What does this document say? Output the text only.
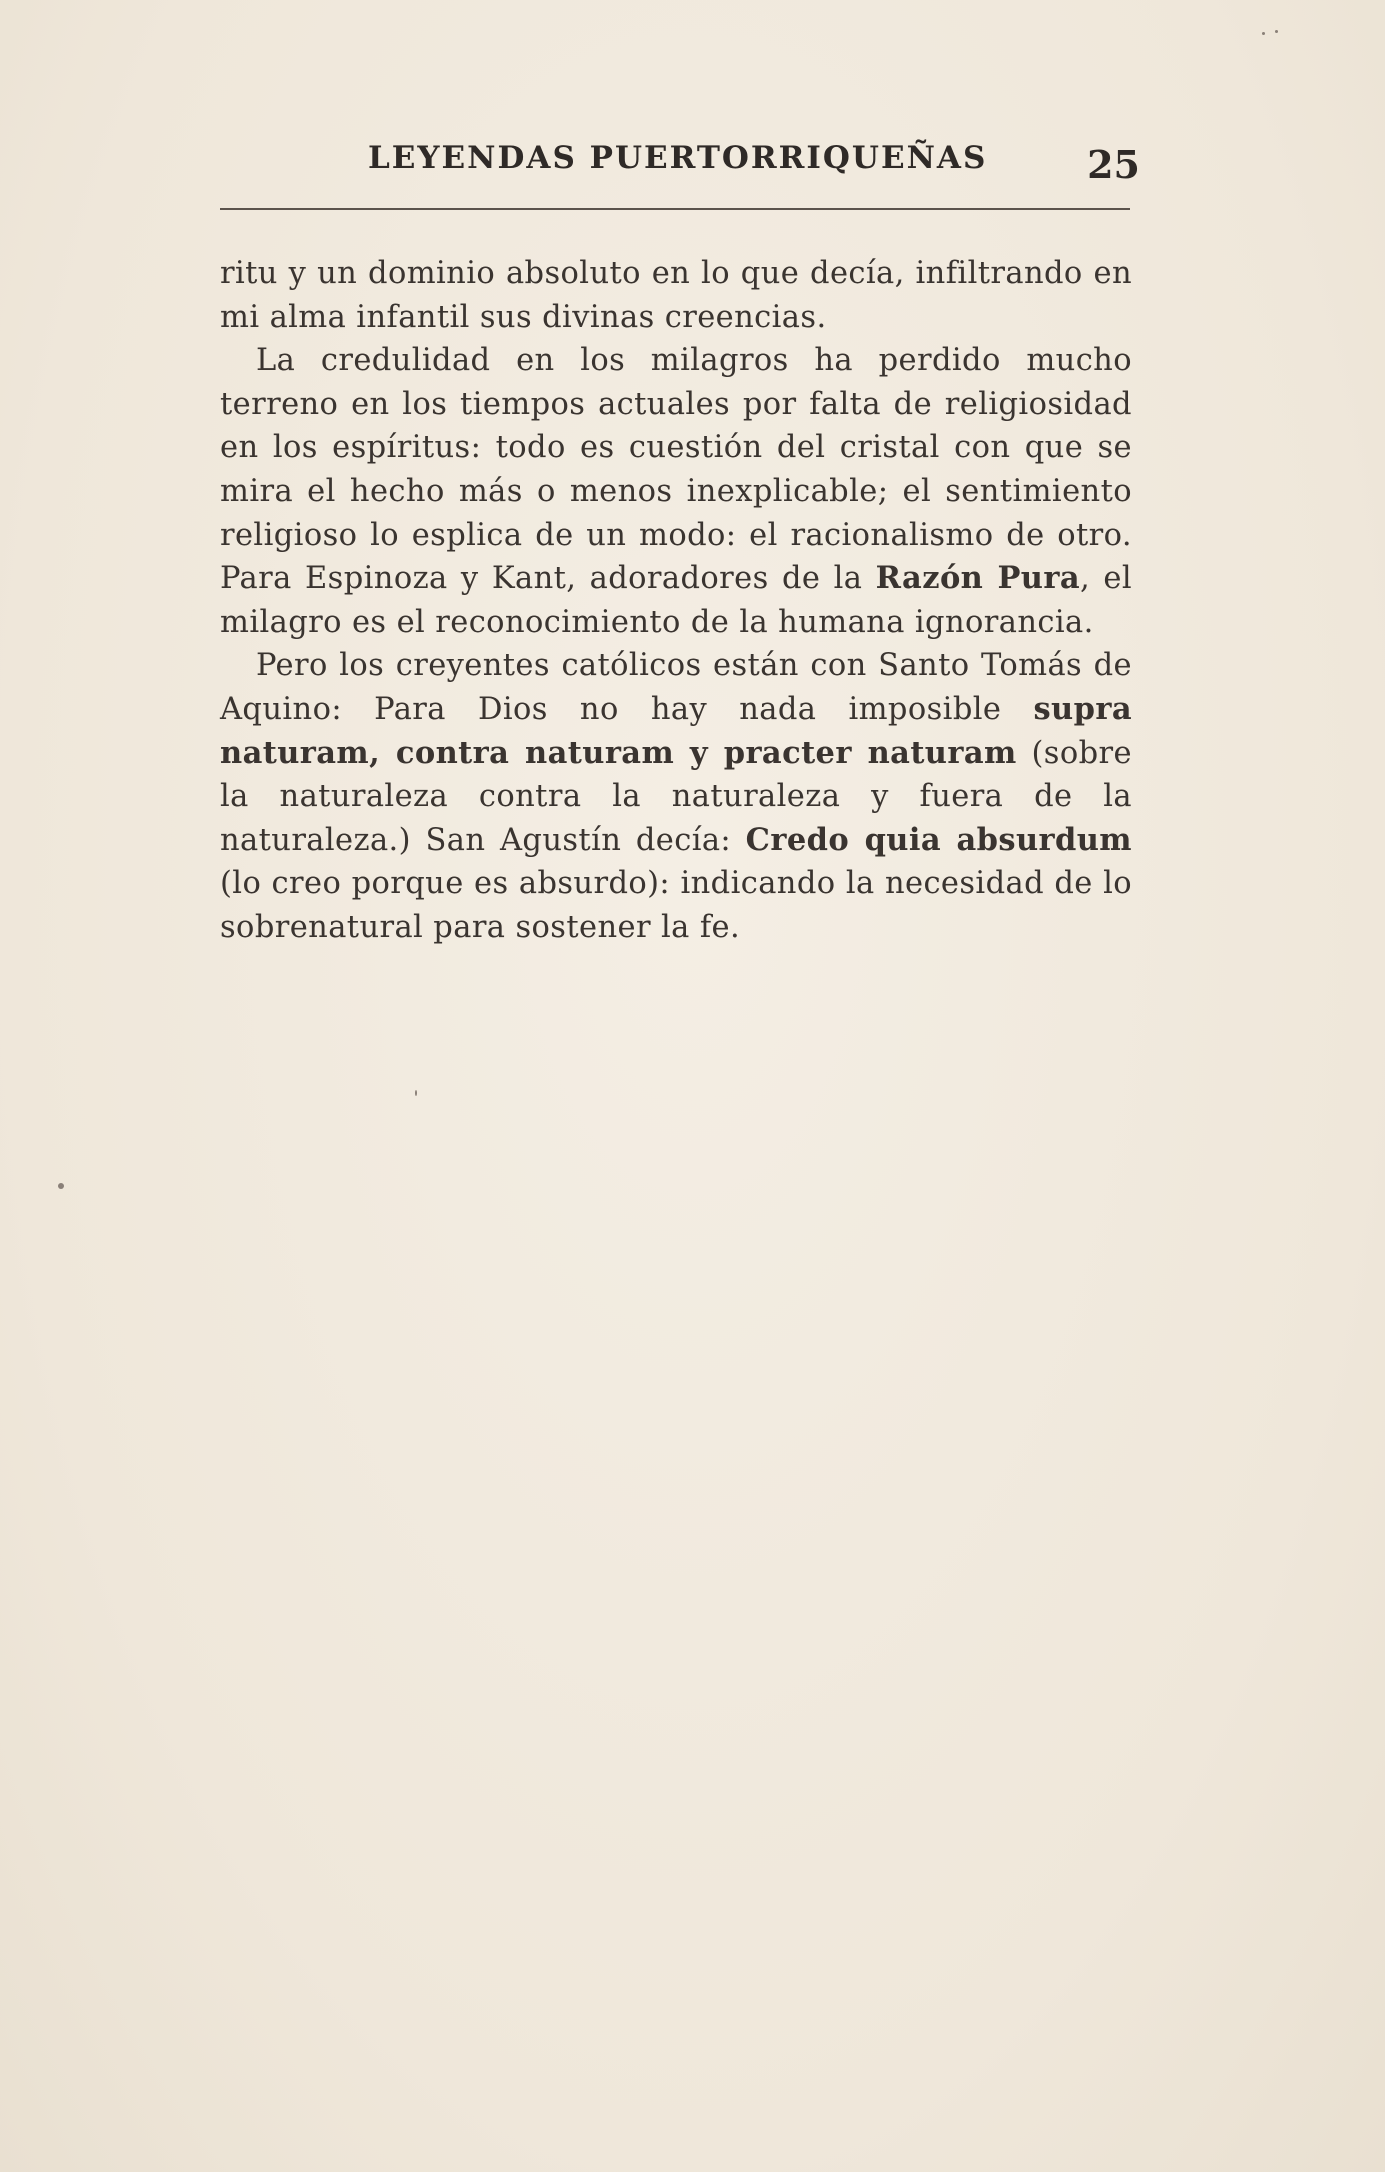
LEYENDAS PUERTORRIQUEÑAS	25

ritu y un dominio absoluto en lo que decía, infiltrando en mi alma infantil sus divinas creencias.

La credulidad en los milagros ha perdido mucho terreno en los tiempos actuales por falta de religiosidad en los espíritus: todo es cuestión del cristal con que se mira el hecho más o menos inexplicable; el sentimiento religioso lo esplica de un modo: el racionalismo de otro. Para Espinoza y Kant, adoradores de la Razón Pura, el milagro es el reconocimiento de la humana ignorancia.

Pero los creyentes católicos están con Santo Tomás de Aquino: Para Dios no hay nada imposible supra naturam, contra naturam y practer naturam (sobre la naturaleza contra la naturaleza y fuera de la naturaleza.) San Agustín decía: Credo quia absurdum (lo creo porque es absurdo): indicando la necesidad de lo sobrenatural para sostener la fe.
